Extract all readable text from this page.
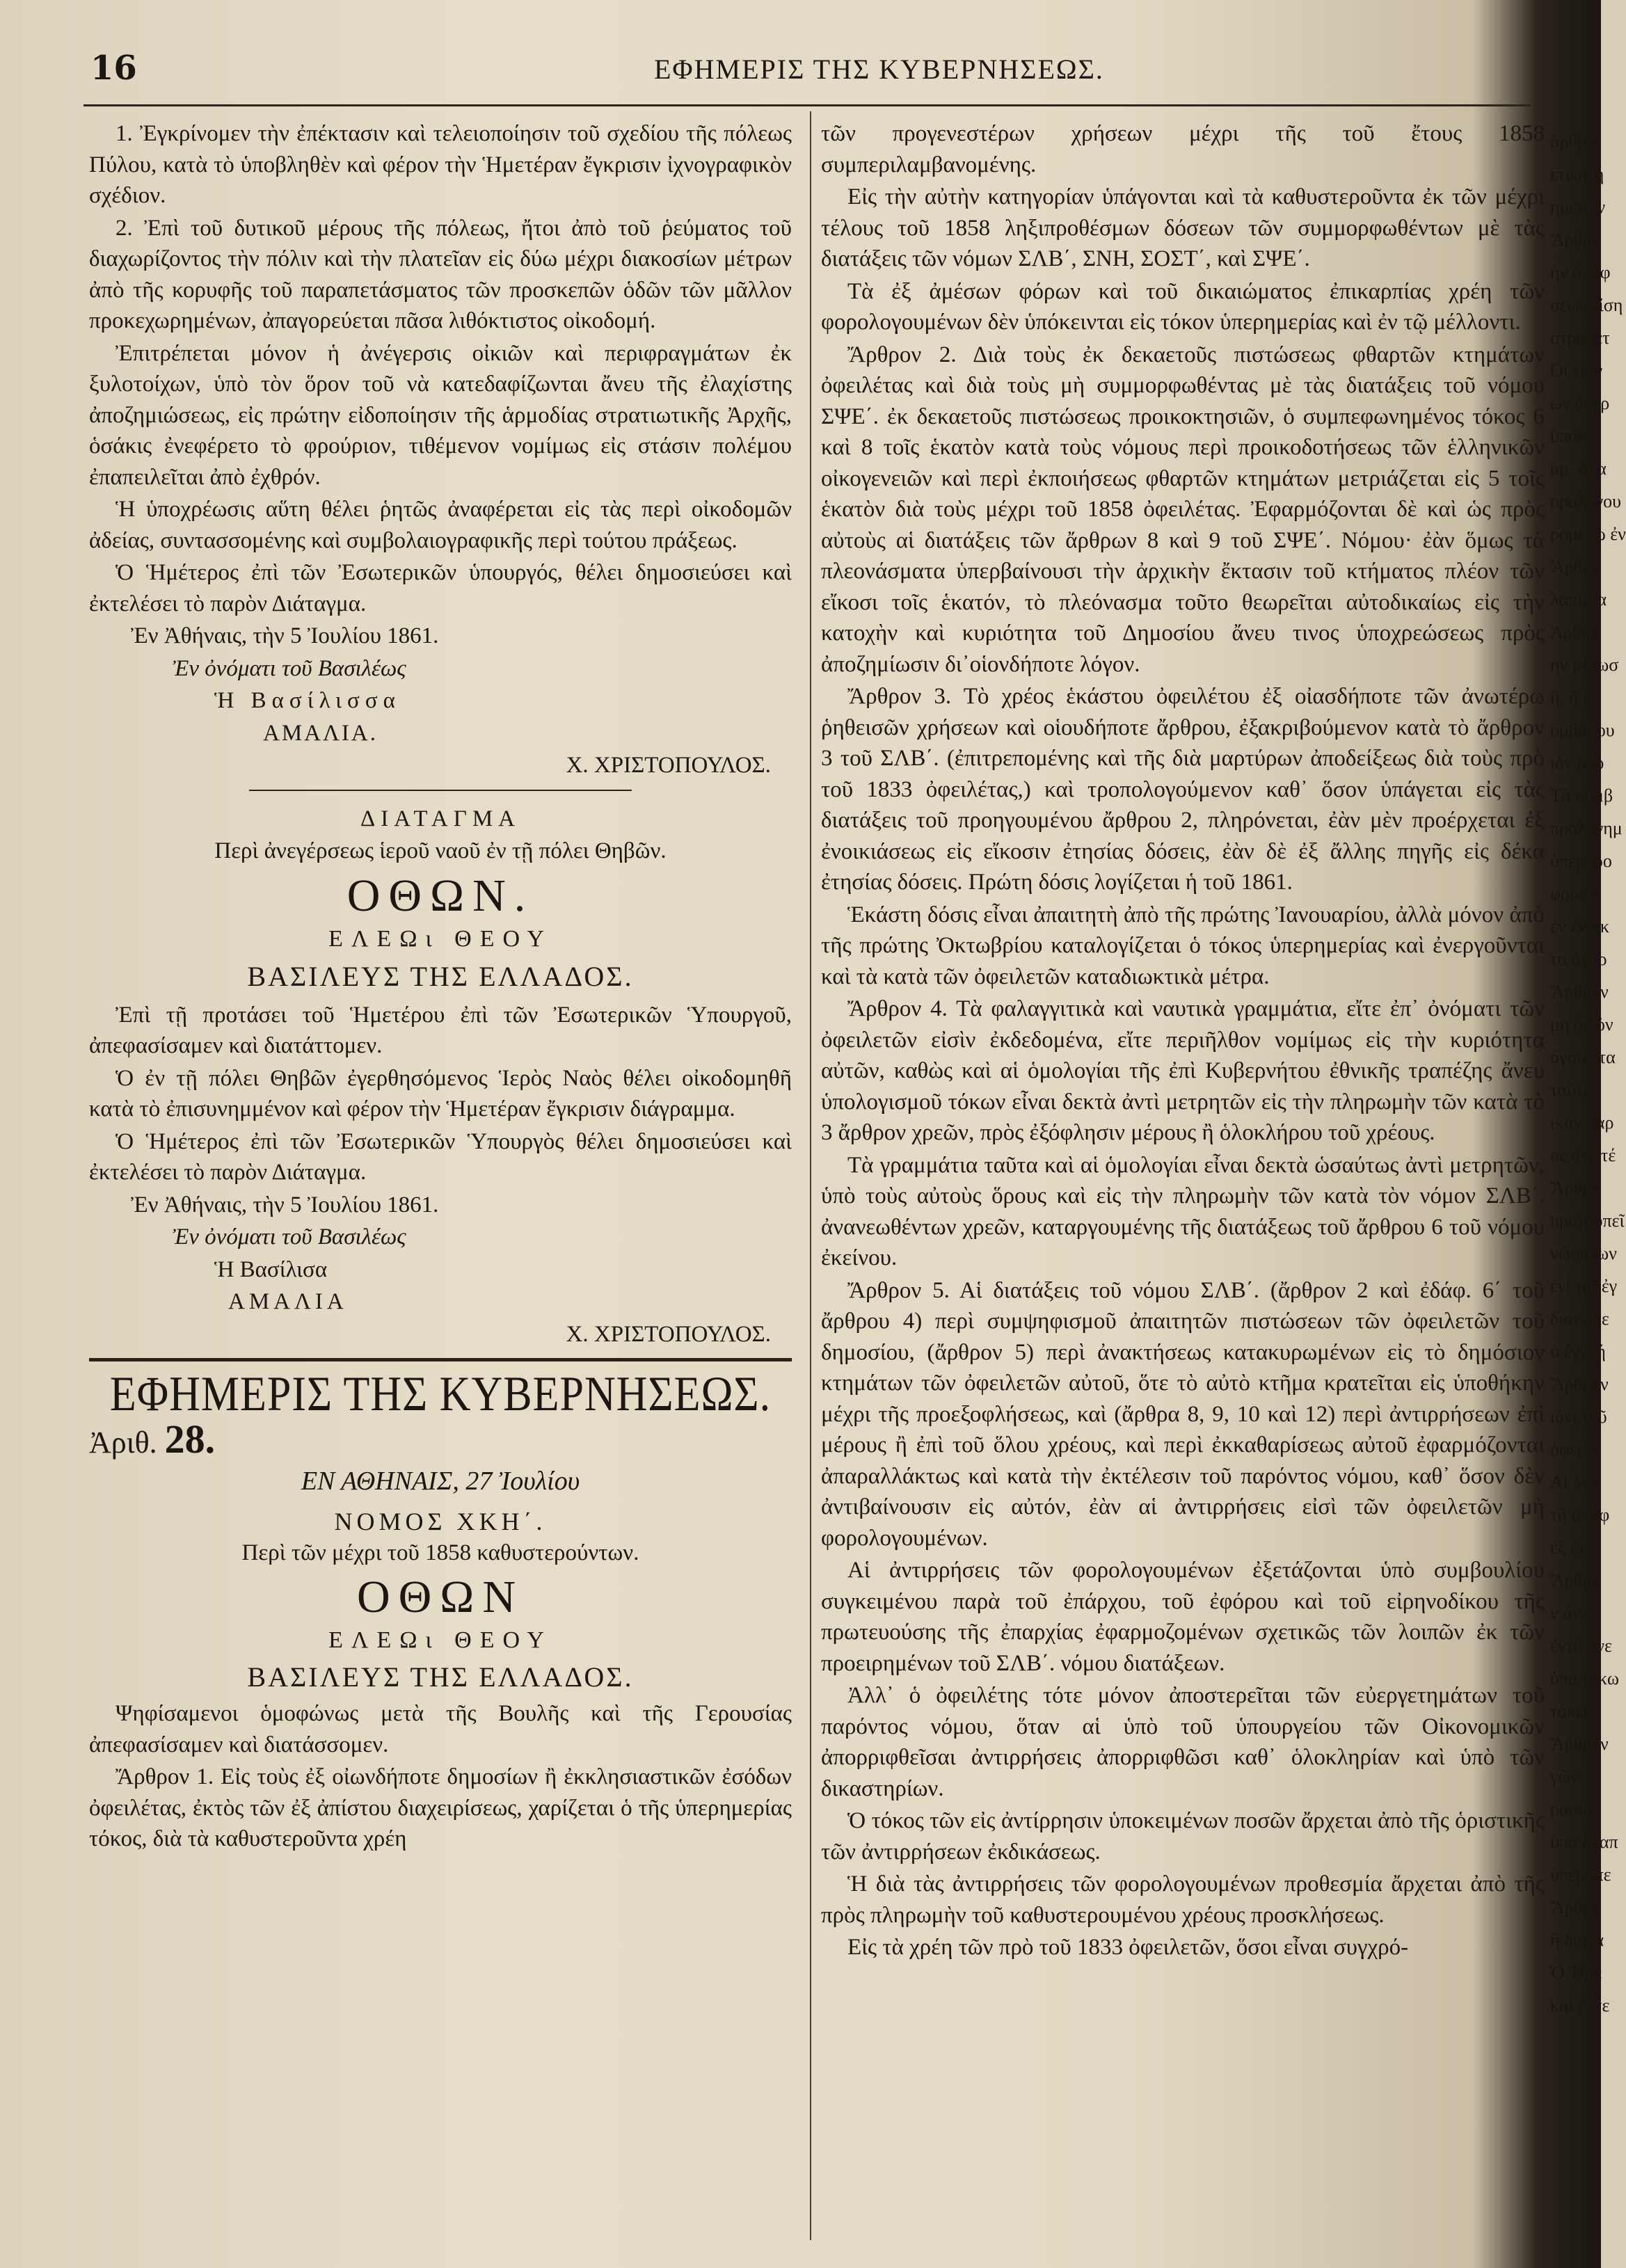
16	ΕΦΗΜΕΡΙΣ ΤΗΣ ΚΥΒΕΡΝΗΣΕΩΣ.

1. Ἐγκρίνομεν τὴν ἐπέκτασιν καὶ τελειοποίησιν τοῦ σχεδίου τῆς πόλεως Πύλου, κατὰ τὸ ὑποβληθὲν καὶ φέρον τὴν Ἡμετέραν ἔγκρισιν ἰχνογραφικὸν σχέδιον.

2. Ἐπὶ τοῦ δυτικοῦ μέρους τῆς πόλεως, ἤτοι ἀπὸ τοῦ ῥεύματος τοῦ διαχωρίζοντος τὴν πόλιν καὶ τὴν πλατεῖαν εἰς δύω μέχρι διακοσίων μέτρων ἀπὸ τῆς κορυφῆς τοῦ παραπετάσματος τῶν προσκεπῶν ὁδῶν τῶν μᾶλλον προκεχωρημένων, ἀπαγορεύεται πᾶσα λιθόκτιστος οἰκοδομή.

Ἐπιτρέπεται μόνον ἡ ἀνέγερσις οἰκιῶν καὶ περιφραγμάτων ἐκ ξυλοτοίχων, ὑπὸ τὸν ὅρον τοῦ νὰ κατεδαφίζωνται ἄνευ τῆς ἐλαχίστης ἀποζημιώσεως, εἰς πρώτην εἰδοποίησιν τῆς ἁρμοδίας στρατιωτικῆς Ἀρχῆς, ὁσάκις ἐνεφέρετο τὸ φρούριον, τιθέμενον νομίμως εἰς στάσιν πολέμου ἐπαπειλεῖται ἀπὸ ἐχθρόν.

Ἡ ὑποχρέωσις αὕτη θέλει ῥητῶς ἀναφέρεται εἰς τὰς περὶ οἰκοδομῶν ἀδείας, συντασσομένης καὶ συμβολαιογραφικῆς περὶ τούτου πράξεως.

Ὁ Ἡμέτερος ἐπὶ τῶν Ἐσωτερικῶν ὑπουργός, θέλει δημοσιεύσει καὶ ἐκτελέσει τὸ παρὸν Διάταγμα.

Ἐν Ἀθήναις, τὴν 5 Ἰουλίου 1861.

Ἐν ὀνόματι τοῦ Βασιλέως

Ἡ Βασίλισσα

ΑΜΑΛΙΑ.

Χ. ΧΡΙΣΤΟΠΟΥΛΟΣ.

ΔΙΑΤΑΓΜΑ

Περὶ ἀνεγέρσεως ἱεροῦ ναοῦ ἐν τῇ πόλει Θηβῶν.

ΟΘΩΝ.
ΕΛΕΩι ΘΕΟΥ
ΒΑΣΙΛΕΥΣ ΤΗΣ ΕΛΛΑΔΟΣ.

Ἐπὶ τῇ προτάσει τοῦ Ἡμετέρου ἐπὶ τῶν Ἐσωτερικῶν Ὑπουργοῦ, ἀπεφασίσαμεν καὶ διατάττομεν.

Ὁ ἐν τῇ πόλει Θηβῶν ἐγερθησόμενος Ἱερὸς Ναὸς θέλει οἰκοδομηθῆ κατὰ τὸ ἐπισυνημμένον καὶ φέρον τὴν Ἡμετέραν ἔγκρισιν διάγραμμα.

Ὁ Ἡμέτερος ἐπὶ τῶν Ἐσωτερικῶν Ὑπουργὸς θέλει δημοσιεύσει καὶ ἐκτελέσει τὸ παρὸν Διάταγμα.

Ἐν Ἀθήναις, τὴν 5 Ἰουλίου 1861.

Ἐν ὀνόματι τοῦ Βασιλέως

Ἡ Βασίλισα

ΑΜΑΛΙΑ

Χ. ΧΡΙΣΤΟΠΟΥΛΟΣ.

ΕΦΗΜΕΡΙΣ ΤΗΣ ΚΥΒΕΡΝΗΣΕΩΣ.
Ἀριθ. 28.
ΕΝ ΑΘΗΝΑΙΣ, 27 Ἰουλίου
ΝΟΜΟΣ ΧΚΗ΄.

Περὶ τῶν μέχρι τοῦ 1858 καθυστερούντων.

ΟΘΩΝ
ΕΛΕΩι ΘΕΟΥ
ΒΑΣΙΛΕΥΣ ΤΗΣ ΕΛΛΑΔΟΣ.

Ψηφίσαμενοι ὁμοφώνως μετὰ τῆς Βουλῆς καὶ τῆς Γερουσίας ἀπεφασίσαμεν καὶ διατάσσομεν.

Ἄρθρον 1. Εἰς τοὺς ἐξ οἰωνδήποτε δημοσίων ἢ ἐκκλησιαστικῶν ἐσόδων ὀφειλέτας, ἐκτὸς τῶν ἐξ ἀπίστου διαχειρίσεως, χαρίζεται ὁ τῆς ὑπερημερίας τόκος, διὰ τὰ καθυστεροῦντα χρέη

τῶν προγενεστέρων χρήσεων μέχρι τῆς τοῦ ἔτους 1858 συμπεριλαμβανομένης.

Εἰς τὴν αὐτὴν κατηγορίαν ὑπάγονται καὶ τὰ καθυστεροῦντα ἐκ τῶν μέχρι τέλους τοῦ 1858 ληξιπροθέσμων δόσεων τῶν συμμορφωθέντων μὲ τὰς διατάξεις τῶν νόμων ΣΛΒ΄, ΣΝΗ, ΣΟΣΤ΄, καὶ ΣΨΕ΄.

Τὰ ἐξ ἀμέσων φόρων καὶ τοῦ δικαιώματος ἐπικαρπίας χρέη τῶν φορολογουμένων δὲν ὑπόκεινται εἰς τόκον ὑπερημερίας καὶ ἐν τῷ μέλλοντι.

Ἄρθρον 2. Διὰ τοὺς ἐκ δεκαετοῦς πιστώσεως φθαρτῶν κτημάτων ὀφειλέτας καὶ διὰ τοὺς μὴ συμμορφωθέντας μὲ τὰς διατάξεις τοῦ νόμου ΣΨΕ΄. ἐκ δεκαετοῦς πιστώσεως προικοκτησιῶν, ὁ συμπεφωνημένος τόκος 6 καὶ 8 τοῖς ἑκατὸν κατὰ τοὺς νόμους περὶ προικοδοτήσεως τῶν ἑλληνικῶν οἰκογενειῶν καὶ περὶ ἐκποιήσεως φθαρτῶν κτημάτων μετριάζεται εἰς 5 τοῖς ἑκατὸν διὰ τοὺς μέχρι τοῦ 1858 ὀφειλέτας. Ἐφαρμόζονται δὲ καὶ ὡς πρὸς αὐτοὺς αἱ διατάξεις τῶν ἄρθρων 8 καὶ 9 τοῦ ΣΨΕ΄. Νόμου· ἐὰν ὅμως τὰ πλεονάσματα ὑπερβαίνουσι τὴν ἀρχικὴν ἔκτασιν τοῦ κτήματος πλέον τῶν εἴκοσι τοῖς ἑκατόν, τὸ πλεόνασμα τοῦτο θεωρεῖται αὐτοδικαίως εἰς τὴν κατοχὴν καὶ κυριότητα τοῦ Δημοσίου ἄνευ τινος ὑποχρεώσεως πρὸς ἀποζημίωσιν δι᾽οἱονδήποτε λόγον.

Ἄρθρον 3. Τὸ χρέος ἑκάστου ὀφειλέτου ἐξ οἰασδήποτε τῶν ἀνωτέρω ῥηθεισῶν χρήσεων καὶ οἱουδήποτε ἄρθρου, ἐξακριβούμενον κατὰ τὸ ἄρθρον 3 τοῦ ΣΛΒ΄. (ἐπιτρεπομένης καὶ τῆς διὰ μαρτύρων ἀποδείξεως διὰ τοὺς πρὸ τοῦ 1833 ὀφειλέτας,) καὶ τροπολογούμενον καθ᾽ ὅσον ὑπάγεται εἰς τὰς διατάξεις τοῦ προηγουμένου ἄρθρου 2, πληρόνεται, ἐὰν μὲν προέρχεται ἐξ ἐνοικιάσεως εἰς εἴκοσιν ἐτησίας δόσεις, ἐὰν δὲ ἐξ ἄλλης πηγῆς εἰς δέκα ἐτησίας δόσεις. Πρώτη δόσις λογίζεται ἡ τοῦ 1861.

Ἑκάστη δόσις εἶναι ἀπαιτητὴ ἀπὸ τῆς πρώτης Ἰανουαρίου, ἀλλὰ μόνον ἀπὸ τῆς πρώτης Ὀκτωβρίου καταλογίζεται ὁ τόκος ὑπερημερίας καὶ ἐνεργοῦνται καὶ τὰ κατὰ τῶν ὀφειλετῶν καταδιωκτικὰ μέτρα.

Ἄρθρον 4. Τὰ φαλαγγιτικὰ καὶ ναυτικὰ γραμμάτια, εἴτε ἐπ᾽ ὀνόματι τῶν ὀφειλετῶν εἰσὶν ἐκδεδομένα, εἴτε περιῆλθον νομίμως εἰς τὴν κυριότητα αὐτῶν, καθὼς καὶ αἱ ὁμολογίαι τῆς ἐπὶ Κυβερνήτου ἐθνικῆς τραπέζης ἄνευ ὑπολογισμοῦ τόκων εἶναι δεκτὰ ἀντὶ μετρητῶν εἰς τὴν πληρωμὴν τῶν κατὰ τὸ 3 ἄρθρον χρεῶν, πρὸς ἐξόφλησιν μέρους ἢ ὁλοκλήρου τοῦ χρέους.

Τὰ γραμμάτια ταῦτα καὶ αἱ ὁμολογίαι εἶναι δεκτὰ ὡσαύτως ἀντὶ μετρητῶν, ὑπὸ τοὺς αὐτοὺς ὅρους καὶ εἰς τὴν πληρωμὴν τῶν κατὰ τὸν νόμον ΣΛΒ΄. ἀνανεωθέντων χρεῶν, καταργουμένης τῆς διατάξεως τοῦ ἄρθρου 6 τοῦ νόμου ἐκείνου.

Ἄρθρον 5. Αἱ διατάξεις τοῦ νόμου ΣΛΒ΄. (ἄρθρον 2 καὶ ἐδάφ. 6΄ τοῦ ἄρθρου 4) περὶ συμψηφισμοῦ ἀπαιτητῶν πιστώσεων τῶν ὀφειλετῶν τοῦ δημοσίου, (ἄρθρον 5) περὶ ἀνακτήσεως κατακυρωμένων εἰς τὸ δημόσιον κτημάτων τῶν ὀφειλετῶν αὐτοῦ, ὅτε τὸ αὐτὸ κτῆμα κρατεῖται εἰς ὑποθήκην μέχρι τῆς προεξοφλήσεως, καὶ (ἄρθρα 8, 9, 10 καὶ 12) περὶ ἀντιρρήσεων ἐπὶ μέρους ἢ ἐπὶ τοῦ ὅλου χρέους, καὶ περὶ ἐκκαθαρίσεως αὐτοῦ ἐφαρμόζονται ἀπαραλλάκτως καὶ κατὰ τὴν ἐκτέλεσιν τοῦ παρόντος νόμου, καθ᾽ ὅσον δὲν ἀντιβαίνουσιν εἰς αὐτόν, ἐὰν αἱ ἀντιρρήσεις εἰσὶ τῶν ὀφειλετῶν μὴ φορολογουμένων.

Αἱ ἀντιρρήσεις τῶν φορολογουμένων ἐξετάζονται ὑπὸ συμβουλίου συγκειμένου παρὰ τοῦ ἐπάρχου, τοῦ ἐφόρου καὶ τοῦ εἰρηνοδίκου τῆς πρωτευούσης τῆς ἐπαρχίας ἐφαρμοζομένων σχετικῶς τῶν λοιπῶν ἐκ τῶν προειρημένων τοῦ ΣΛΒ΄. νόμου διατάξεων.

Ἀλλ᾽ ὁ ὀφειλέτης τότε μόνον ἀποστερεῖται τῶν εὐεργετημάτων τοῦ παρόντος νόμου, ὅταν αἱ ὑπὸ τοῦ ὑπουργείου τῶν Οἰκονομικῶν ἀπορριφθεῖσαι ἀντιρρήσεις ἀπορριφθῶσι καθ᾽ ὁλοκληρίαν καὶ ὑπὸ τῶν δικαστηρίων.

Ὁ τόκος τῶν εἰς ἀντίρρησιν ὑποκειμένων ποσῶν ἄρχεται ἀπὸ τῆς ὁριστικῆς τῶν ἀντιρρήσεων ἐκδικάσεως.

Ἡ διὰ τὰς ἀντιρρήσεις τῶν φορολογουμένων προθεσμία ἄρχεται ἀπὸ τῆς πρὸς πληρωμὴν τοῦ καθυστερουμένου χρέους προσκλήσεως.

Εἰς τὰ χρέη τῶν πρὸ τοῦ 1833 ὀφειλετῶν, ὅσοι εἶναι συγχρό-

ἄρθρο
ετιω̃ν ἡ
ημένων
Ἄρθρο
ὴν ἀποφ
σεως εἰση
στραπέτ
Οἱ τίαν
ων ὑπέρ
ὑπόκει
αρ᾽ ἀνα
ορολογου
ρομένω ἐν
Ἄρθρο
λαπισία
Ἀρθης
ην μέτωσ
ἢ, ἤ δ
ομβάρου
ιὸν ὑπο
Τὰ συμβ
προλογημ
ὑπερορο
φορολ
ἐν ἐνοικ
τα ἀγορ
Ἄρθρον
μὴ ἀν ὀν
ὀγσυν τα
ταῦτα
ικαν παρ
ας ἀνωτέ
Ἄρθρο
προτροπεῖ
νώσατων
ἐνὶ ταῖ ἐγ
διατειλε
ὁ ἐγγυή
Ἄρθρον
ιόνι τοῦ
ὀφειλε
Αἱ δια
τῆ ἀποφ
ἐξ ἐτὶ
Ἄρθρο
ν ἀνεξ
ἐντὸ ἀνε
ὑπὸ τόκω
τόκω.
Ἄρθρον
γῶν
ρασίας
ὑπὸ ἀναπ
ὑπερηπε
Ἄρθρο
ἢ διατα
Ὁ Ἡμε
καὶ ἐκτε
